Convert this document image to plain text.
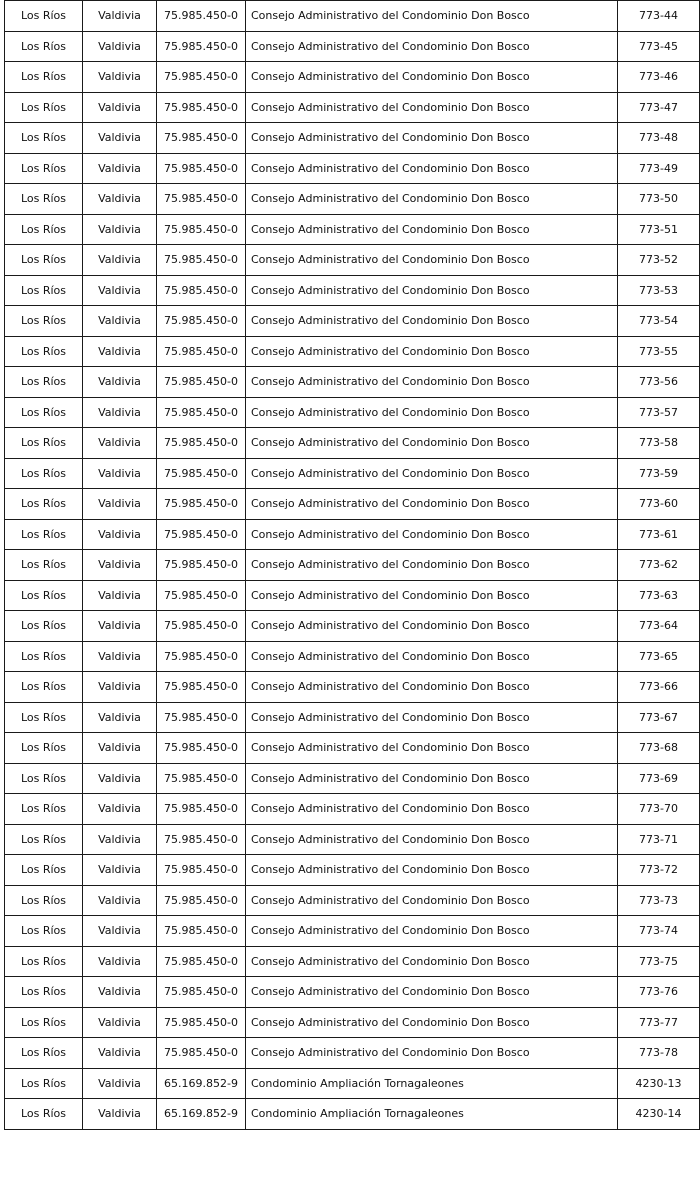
Los Ríos	Valdivia	75.985.450-0	Consejo Administrativo del Condominio Don Bosco	773-44
Los Ríos	Valdivia	75.985.450-0	Consejo Administrativo del Condominio Don Bosco	773-45
Los Ríos	Valdivia	75.985.450-0	Consejo Administrativo del Condominio Don Bosco	773-46
Los Ríos	Valdivia	75.985.450-0	Consejo Administrativo del Condominio Don Bosco	773-47
Los Ríos	Valdivia	75.985.450-0	Consejo Administrativo del Condominio Don Bosco	773-48
Los Ríos	Valdivia	75.985.450-0	Consejo Administrativo del Condominio Don Bosco	773-49
Los Ríos	Valdivia	75.985.450-0	Consejo Administrativo del Condominio Don Bosco	773-50
Los Ríos	Valdivia	75.985.450-0	Consejo Administrativo del Condominio Don Bosco	773-51
Los Ríos	Valdivia	75.985.450-0	Consejo Administrativo del Condominio Don Bosco	773-52
Los Ríos	Valdivia	75.985.450-0	Consejo Administrativo del Condominio Don Bosco	773-53
Los Ríos	Valdivia	75.985.450-0	Consejo Administrativo del Condominio Don Bosco	773-54
Los Ríos	Valdivia	75.985.450-0	Consejo Administrativo del Condominio Don Bosco	773-55
Los Ríos	Valdivia	75.985.450-0	Consejo Administrativo del Condominio Don Bosco	773-56
Los Ríos	Valdivia	75.985.450-0	Consejo Administrativo del Condominio Don Bosco	773-57
Los Ríos	Valdivia	75.985.450-0	Consejo Administrativo del Condominio Don Bosco	773-58
Los Ríos	Valdivia	75.985.450-0	Consejo Administrativo del Condominio Don Bosco	773-59
Los Ríos	Valdivia	75.985.450-0	Consejo Administrativo del Condominio Don Bosco	773-60
Los Ríos	Valdivia	75.985.450-0	Consejo Administrativo del Condominio Don Bosco	773-61
Los Ríos	Valdivia	75.985.450-0	Consejo Administrativo del Condominio Don Bosco	773-62
Los Ríos	Valdivia	75.985.450-0	Consejo Administrativo del Condominio Don Bosco	773-63
Los Ríos	Valdivia	75.985.450-0	Consejo Administrativo del Condominio Don Bosco	773-64
Los Ríos	Valdivia	75.985.450-0	Consejo Administrativo del Condominio Don Bosco	773-65
Los Ríos	Valdivia	75.985.450-0	Consejo Administrativo del Condominio Don Bosco	773-66
Los Ríos	Valdivia	75.985.450-0	Consejo Administrativo del Condominio Don Bosco	773-67
Los Ríos	Valdivia	75.985.450-0	Consejo Administrativo del Condominio Don Bosco	773-68
Los Ríos	Valdivia	75.985.450-0	Consejo Administrativo del Condominio Don Bosco	773-69
Los Ríos	Valdivia	75.985.450-0	Consejo Administrativo del Condominio Don Bosco	773-70
Los Ríos	Valdivia	75.985.450-0	Consejo Administrativo del Condominio Don Bosco	773-71
Los Ríos	Valdivia	75.985.450-0	Consejo Administrativo del Condominio Don Bosco	773-72
Los Ríos	Valdivia	75.985.450-0	Consejo Administrativo del Condominio Don Bosco	773-73
Los Ríos	Valdivia	75.985.450-0	Consejo Administrativo del Condominio Don Bosco	773-74
Los Ríos	Valdivia	75.985.450-0	Consejo Administrativo del Condominio Don Bosco	773-75
Los Ríos	Valdivia	75.985.450-0	Consejo Administrativo del Condominio Don Bosco	773-76
Los Ríos	Valdivia	75.985.450-0	Consejo Administrativo del Condominio Don Bosco	773-77
Los Ríos	Valdivia	75.985.450-0	Consejo Administrativo del Condominio Don Bosco	773-78
Los Ríos	Valdivia	65.169.852-9	Condominio Ampliación Tornagaleones	4230-13
Los Ríos	Valdivia	65.169.852-9	Condominio Ampliación Tornagaleones	4230-14
